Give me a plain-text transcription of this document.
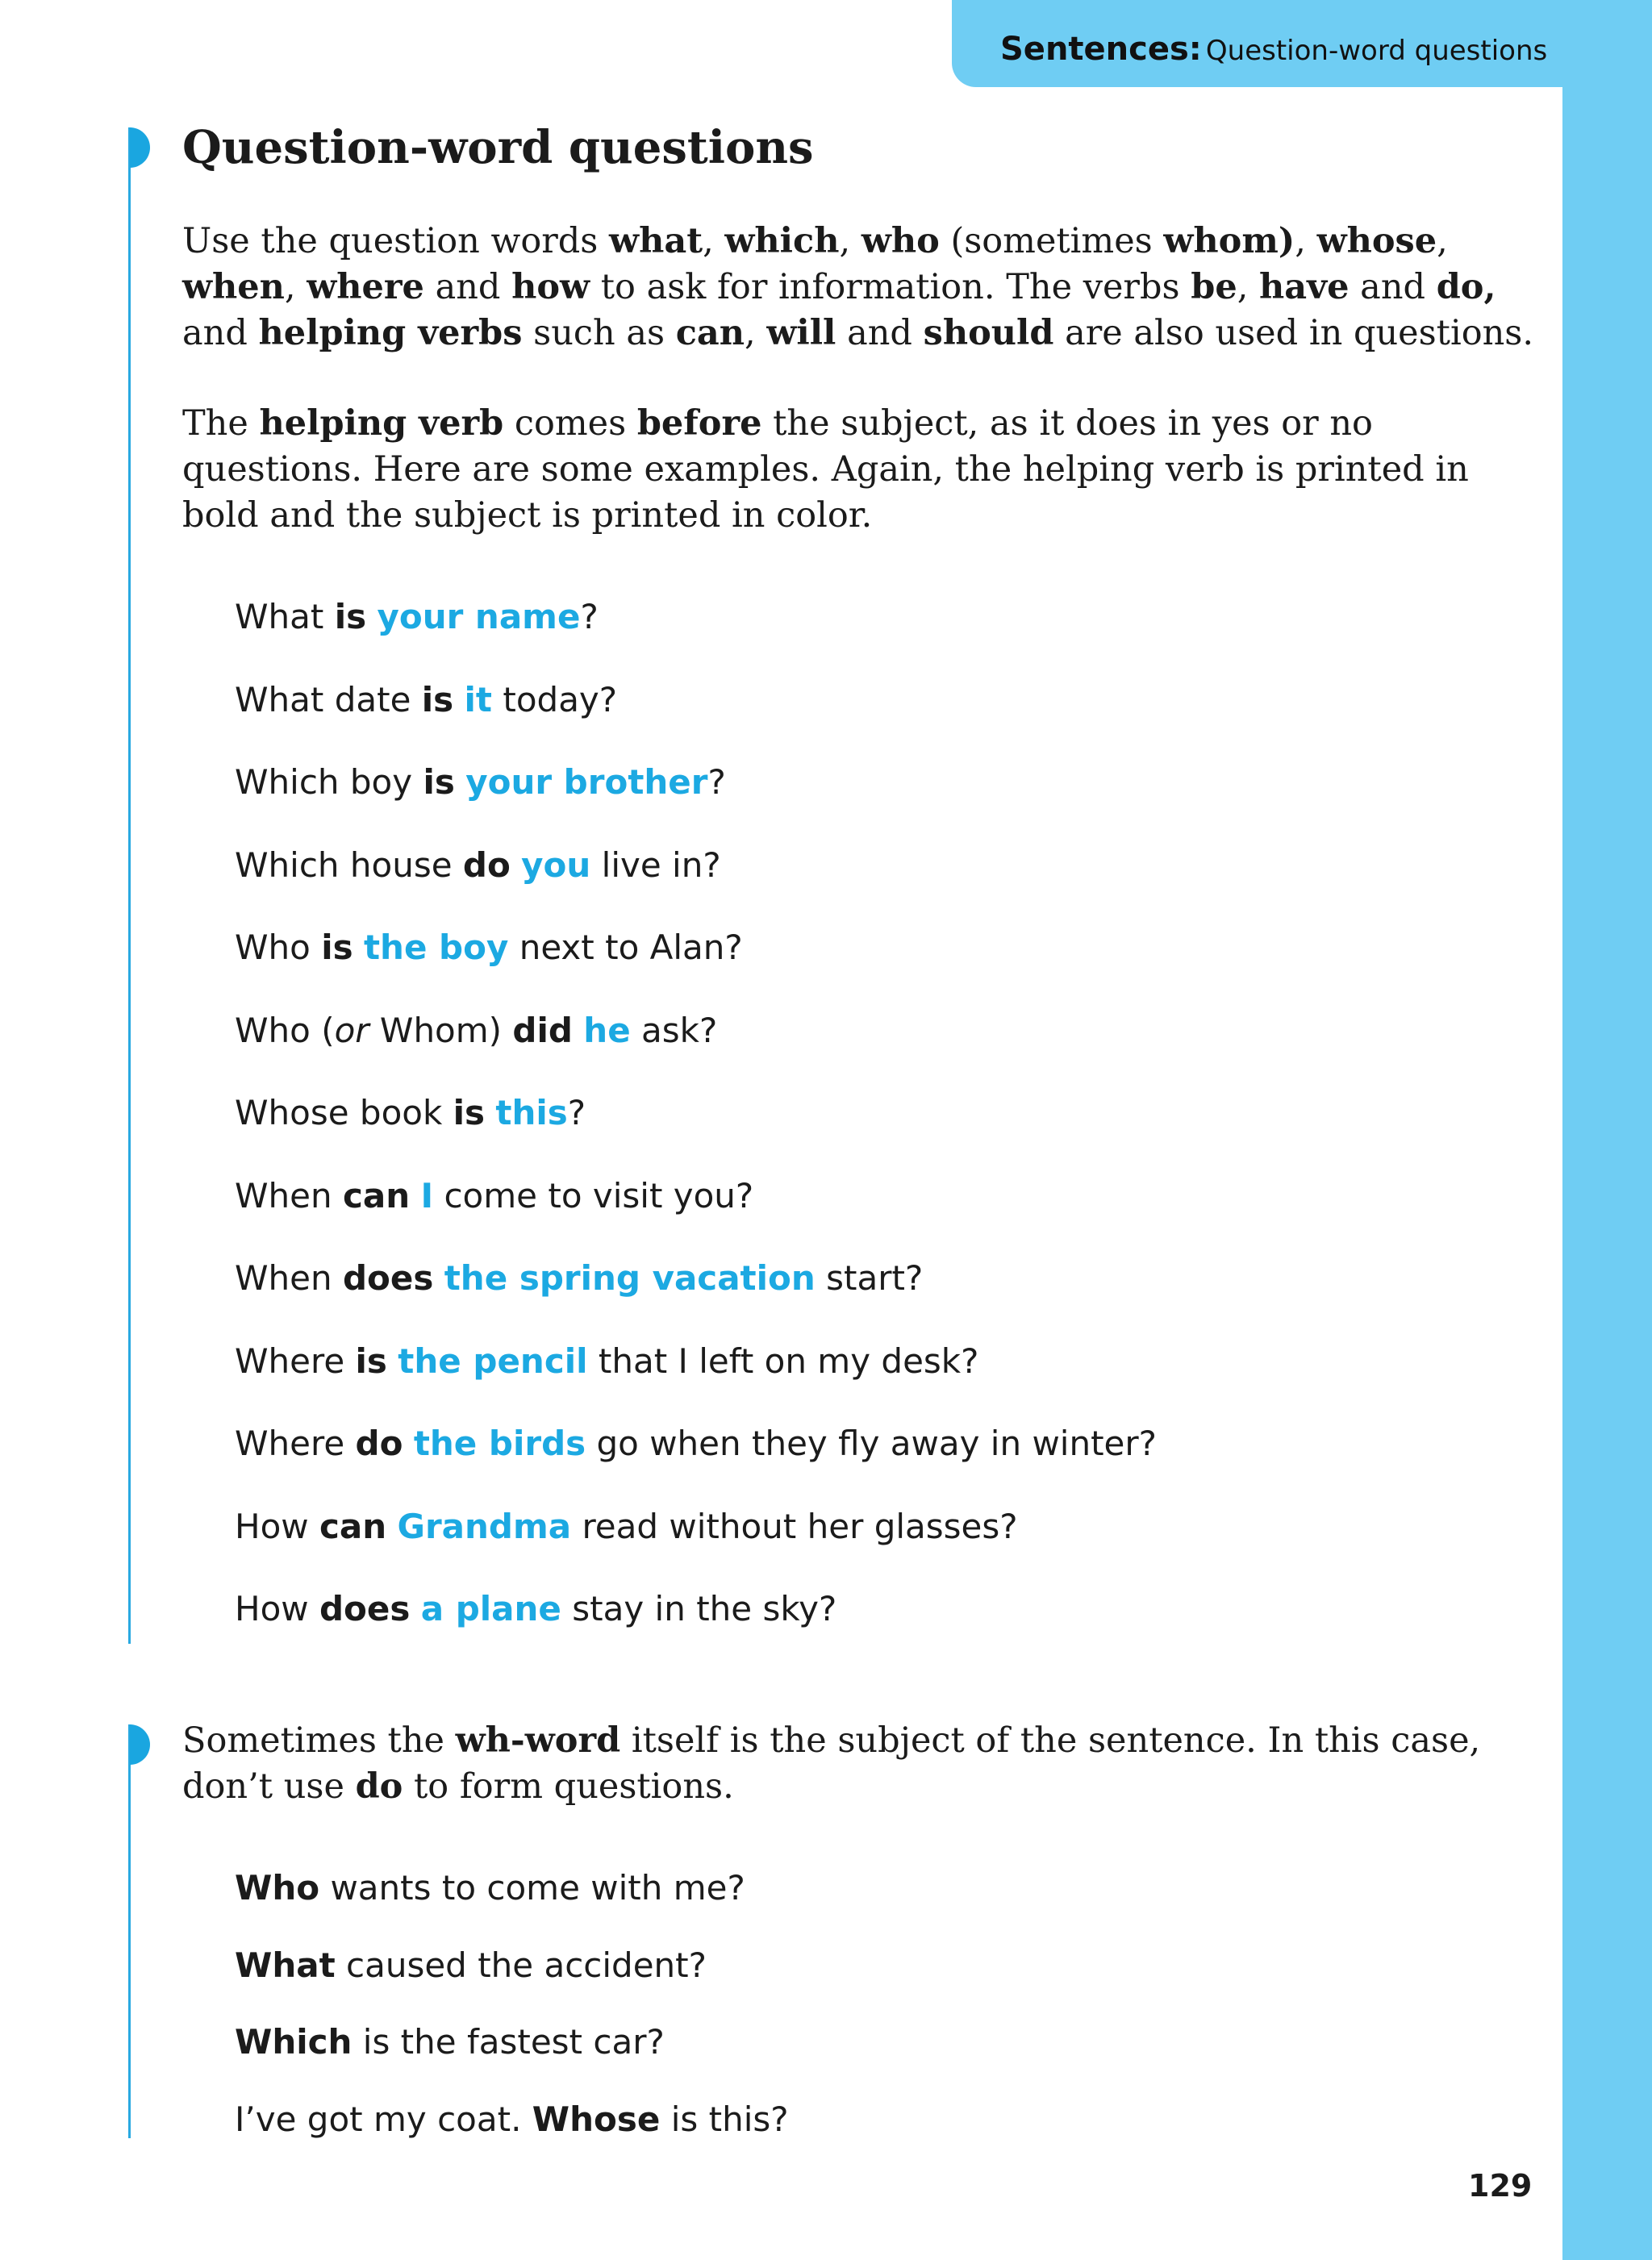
Sentences: Question-word questions
Question-word questions

Use the question words what, which, who (sometimes whom), whose, when, where and how to ask for information. The verbs be, have and do, and helping verbs such as can, will and should are also used in questions.

The helping verb comes before the subject, as it does in yes or no questions. Here are some examples. Again, the helping verb is printed in bold and the subject is printed in color.

What is your name?

What date is it today?

Which boy is your brother?

Which house do you live in?

Who is the boy next to Alan?

Who (or Whom) did he ask?

Whose book is this?

When can I come to visit you?

When does the spring vacation start?

Where is the pencil that I left on my desk?

Where do the birds go when they fly away in winter?

How can Grandma read without her glasses?

How does a plane stay in the sky?

Sometimes the wh-word itself is the subject of the sentence. In this case, don’t use do to form questions.

Who wants to come with me?

What caused the accident?

Which is the fastest car?

I’ve got my coat. Whose is this?

129
